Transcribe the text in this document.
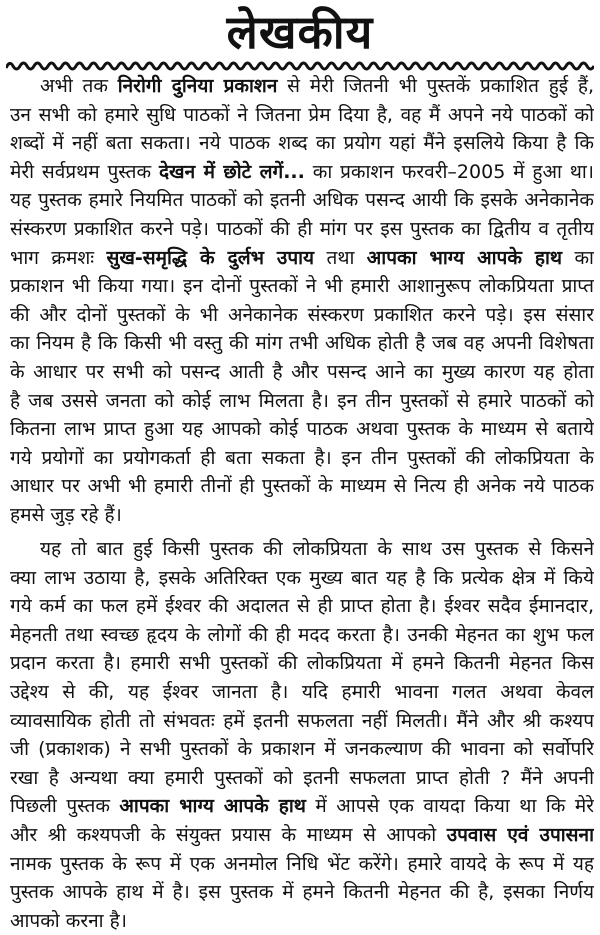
लेखकीय
अभी तक निरोगी दुनिया प्रकाशन से मेरी जितनी भी पुस्तकें प्रकाशित हुई हैं,
उन सभी को हमारे सुधि पाठकों ने जितना प्रेम दिया है, वह मैं अपने नये पाठकों को
शब्दों में नहीं बता सकता। नये पाठक शब्द का प्रयोग यहां मैंने इसलिये किया है कि
मेरी सर्वप्रथम पुस्तक देखन में छोटे लगें... का प्रकाशन फरवरी–2005 में हुआ था।
यह पुस्तक हमारे नियमित पाठकों को इतनी अधिक पसन्द आयी कि इसके अनेकानेक
संस्करण प्रकाशित करने पड़े। पाठकों की ही मांग पर इस पुस्तक का द्वितीय व तृतीय
भाग क्रमशः सुख-समृद्धि के दुर्लभ उपाय तथा आपका भाग्य आपके हाथ का
प्रकाशन भी किया गया। इन दोनों पुस्तकों ने भी हमारी आशानुरूप लोकप्रियता प्राप्त
की और दोनों पुस्तकों के भी अनेकानेक संस्करण प्रकाशित करने पड़े। इस संसार
का नियम है कि किसी भी वस्तु की मांग तभी अधिक होती है जब वह अपनी विशेषता
के आधार पर सभी को पसन्द आती है और पसन्द आने का मुख्य कारण यह होता
है जब उससे जनता को कोई लाभ मिलता है। इन तीन पुस्तकों से हमारे पाठकों को
कितना लाभ प्राप्त हुआ यह आपको कोई पाठक अथवा पुस्तक के माध्यम से बताये
गये प्रयोगों का प्रयोगकर्ता ही बता सकता है। इन तीन पुस्तकों की लोकप्रियता के
आधार पर अभी भी हमारी तीनों ही पुस्तकों के माध्यम से नित्य ही अनेक नये पाठक
हमसे जुड़ रहे हैं।
यह तो बात हुई किसी पुस्तक की लोकप्रियता के साथ उस पुस्तक से किसने
क्या लाभ उठाया है, इसके अतिरिक्त एक मुख्य बात यह है कि प्रत्येक क्षेत्र में किये
गये कर्म का फल हमें ईश्वर की अदालत से ही प्राप्त होता है। ईश्वर सदैव ईमानदार,
मेहनती तथा स्वच्छ हृदय के लोगों की ही मदद करता है। उनकी मेहनत का शुभ फल
प्रदान करता है। हमारी सभी पुस्तकों की लोकप्रियता में हमने कितनी मेहनत किस
उद्देश्य से की, यह ईश्वर जानता है। यदि हमारी भावना गलत अथवा केवल
व्यावसायिक होती तो संभवतः हमें इतनी सफलता नहीं मिलती। मैंने और श्री कश्यप
जी (प्रकाशक) ने सभी पुस्तकों के प्रकाशन में जनकल्याण की भावना को सर्वोपरि
रखा है अन्यथा क्या हमारी पुस्तकों को इतनी सफलता प्राप्त होती ? मैंने अपनी
पिछली पुस्तक आपका भाग्य आपके हाथ में आपसे एक वायदा किया था कि मेरे
और श्री कश्यपजी के संयुक्त प्रयास के माध्यम से आपको उपवास एवं उपासना
नामक पुस्तक के रूप में एक अनमोल निधि भेंट करेंगे। हमारे वायदे के रूप में यह
पुस्तक आपके हाथ में है। इस पुस्तक में हमने कितनी मेहनत की है, इसका निर्णय
आपको करना है।
